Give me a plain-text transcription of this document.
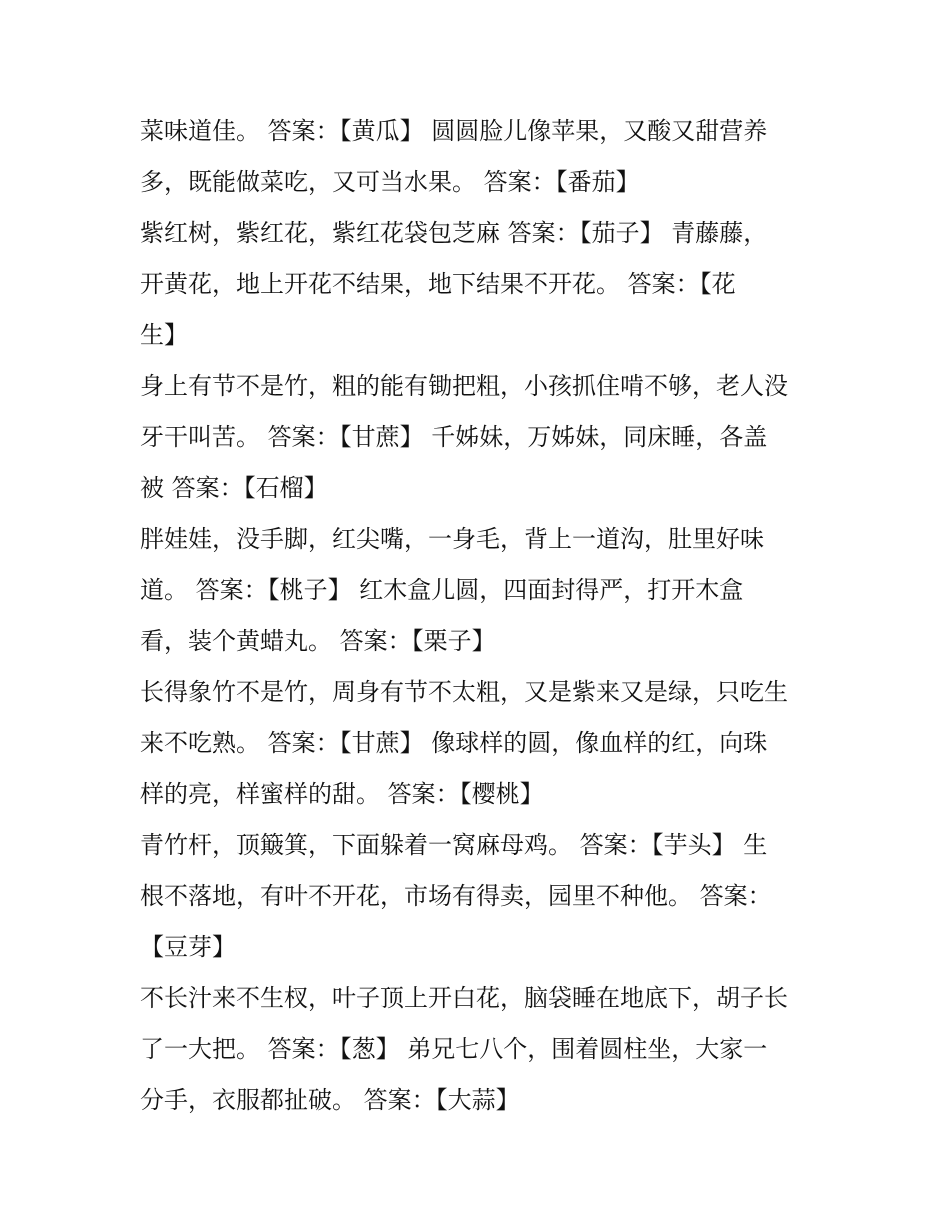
菜味道佳。 答案：【黄瓜】 圆圆脸儿像苹果，又酸又甜营养
多，既能做菜吃，又可当水果。 答案：【番茄】
紫红树，紫红花，紫红花袋包芝麻 答案：【茄子】 青藤藤，
开黄花，地上开花不结果，地下结果不开花。 答案：【花
生】
身上有节不是竹，粗的能有锄把粗，小孩抓住啃不够，老人没
牙干叫苦。 答案：【甘蔗】 千姊妹，万姊妹，同床睡，各盖
被 答案：【石榴】
胖娃娃，没手脚，红尖嘴，一身毛，背上一道沟，肚里好味
道。 答案：【桃子】 红木盒儿圆，四面封得严，打开木盒
看，装个黄蜡丸。 答案：【栗子】
长得象竹不是竹，周身有节不太粗，又是紫来又是绿，只吃生
来不吃熟。 答案：【甘蔗】 像球样的圆，像血样的红，向珠
样的亮，样蜜样的甜。 答案：【樱桃】
青竹杆，顶簸箕，下面躲着一窝麻母鸡。 答案：【芋头】 生
根不落地，有叶不开花，市场有得卖，园里不种他。 答案：
【豆芽】
不长汁来不生杈，叶子顶上开白花，脑袋睡在地底下，胡子长
了一大把。 答案：【葱】 弟兄七八个，围着圆柱坐，大家一
分手，衣服都扯破。 答案：【大蒜】
